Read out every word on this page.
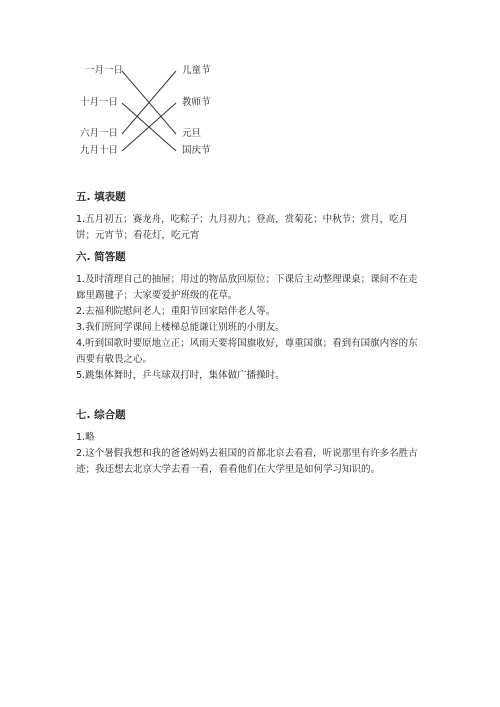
一月一日
十月一日
六月一日
九月十日
儿童节
教师节
元旦
国庆节
五. 填表题
1.五月初五；赛龙舟，吃粽子；九月初九；登高，赏菊花；中秋节；赏月，吃月饼；元宵节；看花灯，吃元宵
六. 简答题
1.及时清理自己的抽屉；用过的物品放回原位；下课后主动整理课桌；课间不在走廊里踢毽子；大家要爱护班级的花草。
2.去福利院慰问老人；重阳节回家陪伴老人等。
3.我们班同学课间上楼梯总能谦让别班的小朋友。
4.听到国歌时要原地立正；风雨天要将国旗收好，尊重国旗；看到有国旗内容的东西要有敬畏之心。
5.跳集体舞时，乒乓球双打时，集体做广播操时。
七. 综合题
1.略
2.这个暑假我想和我的爸爸妈妈去祖国的首都北京去看看，听说那里有许多名胜古迹；我还想去北京大学去看一看，看看他们在大学里是如何学习知识的。
